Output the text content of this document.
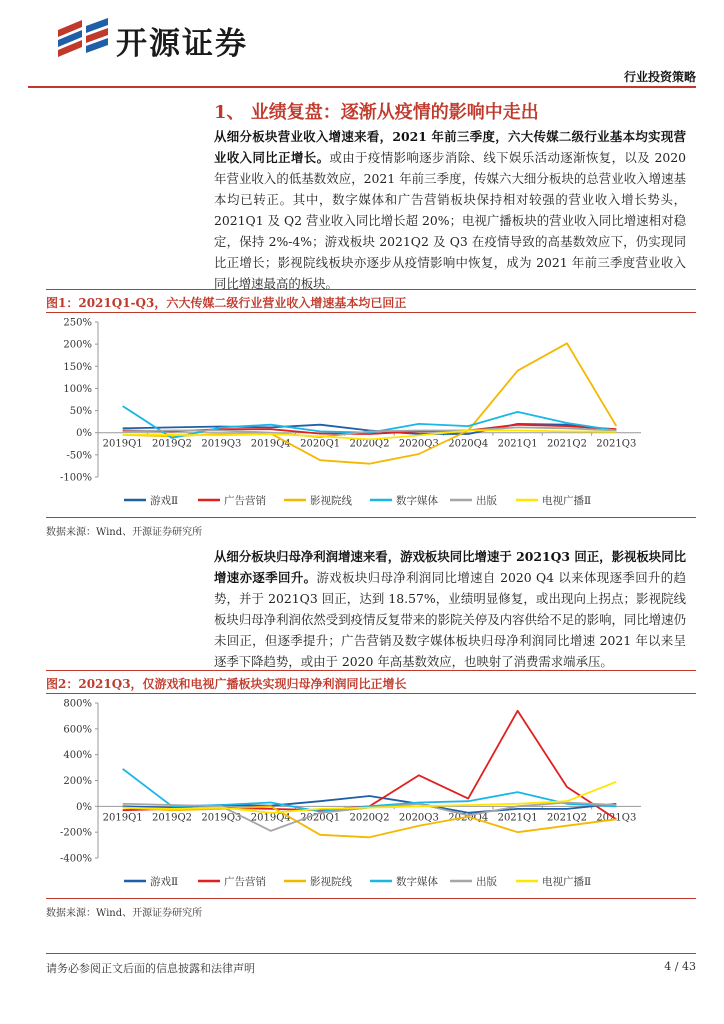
开源证券
行业投资策略
1、 业绩复盘：逐渐从疫情的影响中走出

从细分板块营业收入增速来看，2021 年前三季度，六大传媒二级行业基本均实现营业收入同比正增长。或由于疫情影响逐步消除、线下娱乐活动逐渐恢复，以及 2020 年营业收入的低基数效应，2021 年前三季度，传媒六大细分板块的总营业收入增速基本均已转正。其中，数字媒体和广告营销板块保持相对较强的营业收入增长势头，2021Q1 及 Q2 营业收入同比增长超 20%；电视广播板块的营业收入同比增速相对稳定，保持 2%-4%；游戏板块 2021Q2 及 Q3 在疫情导致的高基数效应下，仍实现同比正增长；影视院线板块亦逐步从疫情影响中恢复，成为 2021 年前三季度营业收入同比增速最高的板块。

图1：2021Q1-Q3，六大传媒二级行业营业收入增速基本均已回正
-100%
-50%
0%
50%
100%
150%
200%
250%
2019Q1 2019Q2 2019Q3 2019Q4 2020Q1 2020Q2 2020Q3 2020Q4 2021Q1 2021Q2 2021Q3
游戏Ⅱ	广告营销	影视院线	数字媒体	出版	电视广播Ⅱ
数据来源：Wind、开源证券研究所

从细分板块归母净利润增速来看，游戏板块同比增速于 2021Q3 回正，影视板块同比增速亦逐季回升。游戏板块归母净利润同比增速自 2020 Q4 以来体现逐季回升的趋势，并于 2021Q3 回正，达到 18.57%，业绩明显修复，或出现向上拐点；影视院线板块归母净利润依然受到疫情反复带来的影院关停及内容供给不足的影响，同比增速仍未回正，但逐季提升；广告营销及数字媒体板块归母净利润同比增速 2021 年以来呈逐季下降趋势，或由于 2020 年高基数效应，也映射了消费需求端承压。

图2：2021Q3，仅游戏和电视广播板块实现归母净利润同比正增长
-400%
-200%
0%
200%
400%
600%
800%
2019Q1 2019Q2 2019Q3 2019Q4 2020Q1 2020Q2 2020Q3 2020Q4 2021Q1 2021Q2 2021Q3
游戏Ⅱ	广告营销	影视院线	数字媒体	出版	电视广播Ⅱ
数据来源：Wind、开源证券研究所
请务必参阅正文后面的信息披露和法律声明	4 / 43
